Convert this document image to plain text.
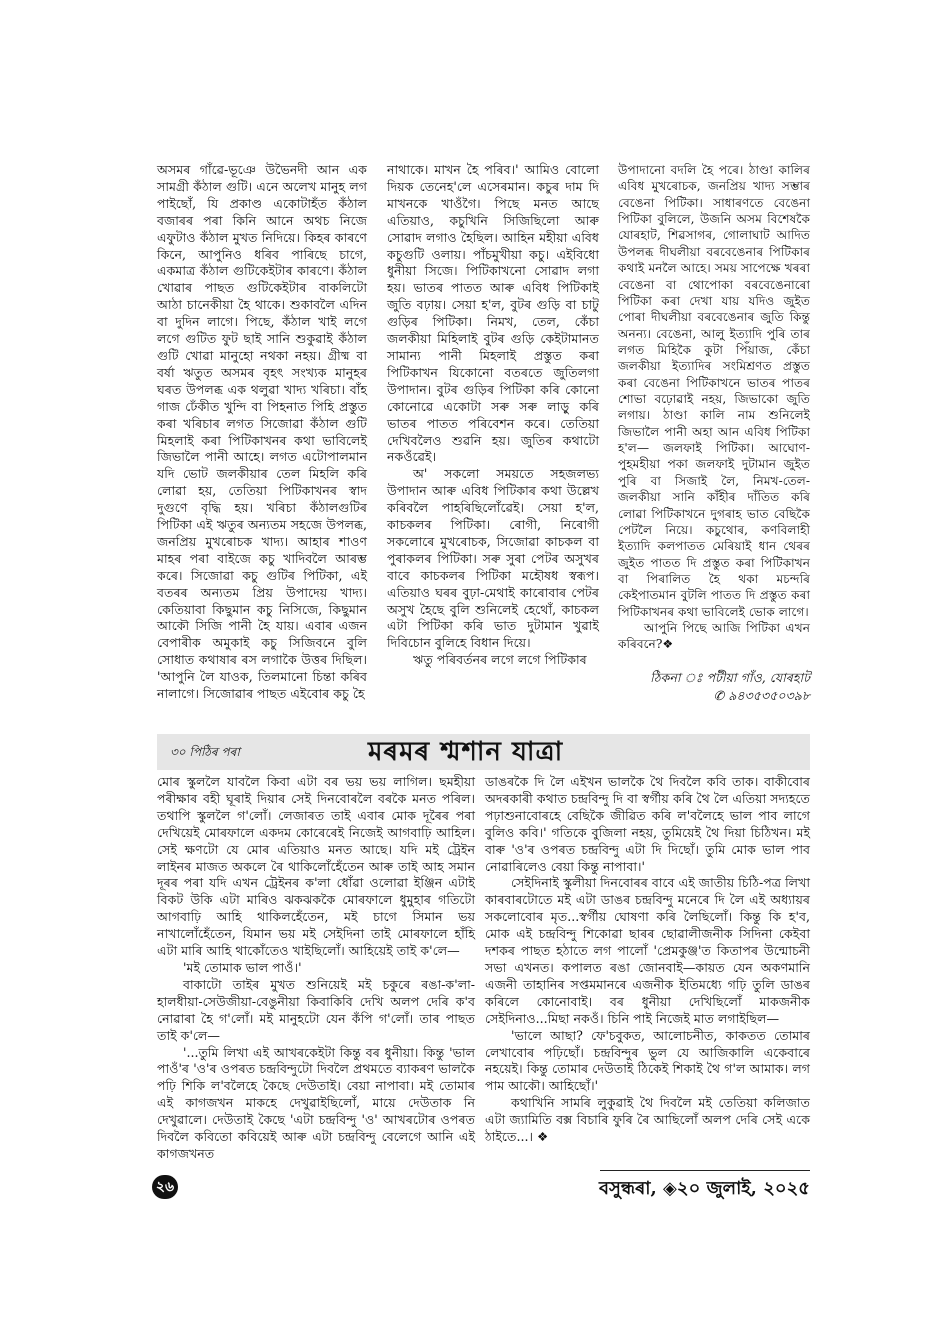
অসমৰ গাঁৱে-ভূঞে উভৈনদী আন এক সামগ্ৰী কঁঠাল গুটি। এনে অলেখ মানুহ লগ পাইছোঁ, যি প্ৰকাণ্ড একোটাহঁত কঁঠাল বজাৰৰ পৰা কিনি আনে অথচ নিজে এফুটাও কঁঠাল মুখত নিদিয়ে। কিহৰ কাৰণে কিনে, আপুনিও ধৰিব পাৰিছে চাগে, একমাত্ৰ কঁঠাল গুটিকেইটাৰ কাৰণে। কঁঠাল খোৱাৰ পাছত গুটিকেইটাৰ বাকলিটো আঠা চানেকীয়া হৈ থাকে। শুকাবলৈ এদিন বা দুদিন লাগে। পিছে, কঁঠাল খাই লগে লগে গুটিত ফুট ছাই সানি শুকুৱাই কঁঠাল গুটি খোৱা মানুহো নথকা নহয়। গ্ৰীষ্ম বা বৰ্ষা ঋতুত অসমৰ বৃহৎ সংখ্যক মানুহৰ ঘৰত উপলব্ধ এক থলুৱা খাদ্য খৰিচা। বাঁহ গাজ ঢেঁকীত খুন্দি বা পিহনাত পিহি প্ৰস্তুত কৰা খৰিচাৰ লগত সিজোৱা কঁঠাল গুটি মিহলাই কৰা পিটিকাখনৰ কথা ভাবিলেই জিভালৈ পানী আহে। লগত এটোপালমান যদি ভোট জলকীয়াৰ তেল মিহলি কৰি লোৱা হয়, তেতিয়া পিটিকাখনৰ স্বাদ দুগুণে বৃদ্ধি হয়। খৰিচা কঁঠালগুটিৰ পিটিকা এই ঋতুৰ অন্যতম সহজে উপলব্ধ, জনপ্ৰিয় মুখৰোচক খাদ্য। আহাৰ শাওণ মাহৰ পৰা বাইজে কচু খাদিবলৈ আৰম্ভ কৰে। সিজোৱা কচু গুটিৰ পিটিকা, এই বতৰৰ অন্যতম প্ৰিয় উপাদেয় খাদ্য। কেতিয়াবা কিছুমান কচু নিসিজে, কিছুমান আকৌ সিজি পানী হৈ যায়। এবাৰ এজন বেপাৰীক অমুকাই কচু সিজিবনে বুলি সোধাত কথাষাৰ ৰস লগাকৈ উত্তৰ দিছিল। 'আপুনি লৈ যাওক, তিলমানো চিন্তা কৰিব নালাগে। সিজোৱাৰ পাছত এইবোৰ কচু হৈ

নাথাকে। মাখন হৈ পৰিব।' আমিও বোলো দিয়ক তেনেহ'লে এসেৰমান। কচুৰ দাম দি মাখনকে খাওঁগৈ। পিছে মনত আছে এতিয়াও, কচুখিনি সিজিছিলো আৰু সোৱাদ লগাও হৈছিল। আহিন মহীয়া এবিধ কচুগুটি ওলায়। পাঁচমুখীয়া কচু। এইবিধো ধুনীয়া সিজে। পিটিকাখনো সোৱাদ লগা হয়। ভাতৰ পাতত আৰু এবিধ পিটিকাই জুতি বঢ়ায়। সেয়া হ'ল, বুটৰ গুড়ি বা চাটু গুড়িৰ পিটিকা। নিমখ, তেল, কেঁচা জলকীয়া মিহিলাই বুটৰ গুড়ি কেইটামানত সামান্য পানী মিহলাই প্ৰস্তুত কৰা পিটিকাখন যিকোনো বতৰতে জুতিলগা উপাদান। বুটৰ গুড়িৰ পিটিকা কৰি কোনো কোনোৱে একোটা সৰু সৰু লাড়ু কৰি ভাতৰ পাতত পৰিবেশন কৰে। তেতিয়া দেখিবলৈও শুৱনি হয়। জুতিৰ কথাটো নকওঁৱেই।

অ' সকলো সময়তে সহজলভ্য উপাদান আৰু এবিধ পিটিকাৰ কথা উল্লেখ কৰিবলৈ পাহৰিছিলোঁৱেই। সেয়া হ'ল, কাচকলৰ পিটিকা। ৰোগী, নিৰোগী সকলোৰে মুখৰোচক, সিজোৱা কাচকল বা পুৰাকলৰ পিটিকা। সৰু সুৰা পেটৰ অসুখৰ বাবে কাচকলৰ পিটিকা মহৌষধ স্বৰূপ। এতিয়াও ঘৰৰ বুঢ়া-মেথাই কাৰোবাৰ পেটৰ অসুখ হৈছে বুলি শুনিলেই হেথোঁ, কাচকল এটা পিটিকা কৰি ভাত দুটামান খুৱাই দিবিচোন বুলিহে বিধান দিয়ে।

ঋতু পৰিবৰ্তনৰ লগে লগে পিটিকাৰ

উপাদানো বদলি হৈ পৰে। ঠাণ্ডা কালিৰ এবিধ মুখৰোচক, জনপ্ৰিয় খাদ্য সম্ভাৰ বেঙেনা পিটিকা। সাধাৰণতে বেঙেনা পিটিকা বুলিলে, উজনি অসম বিশেষকৈ যোৰহাট, শিৱসাগৰ, গোলাঘাট আদিত উপলব্ধ দীঘলীয়া বৰবেঙেনাৰ পিটিকাৰ কথাই মনলৈ আহে। সময় সাপেক্ষে খৰৰা বেঙেনা বা থোপোকা বৰবেঙেনাৰো পিটিকা কৰা দেখা যায় যদিও জুইত পোৰা দীঘলীয়া বৰবেঙেনাৰ জুতি কিন্তু অনন্য। বেঙেনা, আলু ইত্যাদি পুৰি তাৰ লগত মিহিকৈ কুটা পিঁয়াজ, কেঁচা জলকীয়া ইত্যাদিৰ সংমিশ্ৰণত প্ৰস্তুত কৰা বেঙেনা পিটিকাখনে ভাতৰ পাতৰ শোভা বঢ়োৱাই নহয়, জিভাকো জুতি লগায়। ঠাণ্ডা কালি নাম শুনিলেই জিভালৈ পানী অহা আন এবিধ পিটিকা হ'ল— জলফাই পিটিকা। আঘোণ-পুহমহীয়া পকা জলফাই দুটামান জুইত পুৰি বা সিজাই লৈ, নিমখ-তেল-জলকীয়া সানি কাঁহীৰ দাঁতিত কৰি লোৱা পিটিকাখনে দুগৰাহ ভাত বেছিকৈ পেটলৈ নিয়ে। কচুথোৰ, কণবিলাহী ইত্যাদি কলপাতত মেৰিয়াই ধান থেৰৰ জুইত পাতত দি প্ৰস্তুত কৰা পিটিকাখন বা পিৰালিত হৈ থকা মচন্দৰি কেইপাতমান বুটলি পাতত দি প্ৰস্তুত কৰা পিটিকাখনৰ কথা ভাবিলেই ভোক লাগে।

আপুনি পিছে আজি পিটিকা এখন কৰিবনে?❖

ঠিকনা ঃ পটীয়া গাঁও, যোৰহাট
✆ ৯৪৩৫৩৫০৩৯৮
৩০ পিঠিৰ পৰা	মৰমৰ শ্মশান যাত্ৰা

মোৰ স্কুললৈ যাবলৈ কিবা এটা বৰ ভয় ভয় লাগিল। ছমহীয়া পৰীক্ষাৰ বহী ঘূৰাই দিয়াৰ সেই দিনবোৰলৈ বৰকৈ মনত পৰিল। তথাপি স্কুললৈ গ'লোঁ। লেজাৰত তাই এবাৰ মোক দূৰৈৰ পৰা দেখিয়েই মোৰফালে একদম কোৰেৰেই নিজেই আগবাঢ়ি আহিল। সেই ক্ষণটো যে মোৰ এতিয়াও মনত আছে। যদি মই ট্ৰেইন লাইনৰ মাজত অকলে ৰৈ থাকিলোঁহেঁতেন আৰু তাই আহ সমান দূৰৰ পৰা যদি এখন ট্ৰেইনৰ ক'লা ধোঁৱা ওলোৱা ইঞ্জিন এটাই বিকট উকি এটা মাৰিও ঝকঝককৈ মোৰফালে ধুমুহাৰ গতিটো আগবাঢ়ি আহি থাকিলহেঁতেন, মই চাগে সিমান ভয় নাখালোঁহেঁতেন, যিমান ভয় মই সেইদিনা তাই মোৰফালে হাঁহি এটা মাৰি আহি থাকোঁতেও খাইছিলোঁ। আহিয়েই তাই ক'লে—

'মই তোমাক ভাল পাওঁ।'

বাকাটো তাইৰ মুখত শুনিয়েই মই চকুৰে ৰঙা-ক'লা-হালধীয়া-সেউজীয়া-বেঙুনীয়া কিবাকিবি দেখি অলপ দেৰি ক'ব নোৱাৰা হৈ গ'লোঁ। মই মানুহটো যেন কঁপি গ'লোঁ। তাৰ পাছত তাই ক'লে—

'...তুমি লিখা এই আখৰকেইটা কিন্তু বৰ ধুনীয়া। কিন্তু 'ভাল পাওঁ'ৰ 'ও'ৰ ওপৰত চন্দ্ৰবিন্দুটো দিবলৈ প্ৰথমতে ব্যাকৰণ ভালকৈ পঢ়ি শিকি ল'বলৈহে কৈছে দেউতাই। বেয়া নাপাবা। মই তোমাৰ এই কাগজখন মাকহে দেখুৱাইছিলোঁ, মায়ে দেউতাক নি দেখুৱালে। দেউতাই কৈছে 'এটা চন্দ্ৰবিন্দু 'ও' আখৰটোৰ ওপৰত দিবলৈ কবিতো কবিয়েই আৰু এটা চন্দ্ৰবিন্দু বেলেগে আনি এই কাগজখনত

ডাঙৰকৈ দি লৈ এইখন ভালকৈ থৈ দিবলৈ কবি তাক। বাকীবোৰ অদৰকাৰী কথাত চন্দ্ৰবিন্দু দি বা স্বৰ্গীয় কৰি থৈ লৈ এতিয়া সদ্যহতে পঢ়াশুনাবোৰহে বেছিকৈ জীৱিত কৰি ল'বলৈহে ভাল পাব লাগে বুলিও কবি।' গতিকে বুজিলা নহয়, তুমিয়েই থৈ দিয়া চিঠিখন। মই বাৰু 'ও'ৰ ওপৰত চন্দ্ৰবিন্দু এটা দি দিছোঁ। তুমি মোক ভাল পাব নোৱাৰিলেও বেয়া কিন্তু নাপাবা।'

সেইদিনাই স্কুলীয়া দিনবোৰৰ বাবে এই জাতীয় চিঠি-পত্ৰ লিখা কাৰবাৰটোতে মই এটা ডাঙৰ চন্দ্ৰবিন্দু মনেৰে দি লৈ এই অধ্যায়ৰ সকলোবোৰ মৃত...স্বৰ্গীয় ঘোষণা কৰি লৈছিলোঁ। কিন্তু কি হ'ব, মোক এই চন্দ্ৰবিন্দু শিকোৱা ছাৰৰ ছোৱালীজনীক সিদিনা কেইবা দশকৰ পাছত হঠাতে লগ পালোঁ 'প্ৰেমকুঞ্জ'ত কিতাপৰ উন্মোচনী সভা এখনত। কপালত ৰঙা জোনবাই—কায়ত যেন অকণমানি এজনী তাহানিৰ সপ্তমমানৰে এজনীক ইতিমধ্যে গঢ়ি তুলি ডাঙৰ কৰিলে কোনোবাই। বৰ ধুনীয়া দেখিছিলোঁ মাকজনীক সেইদিনাও...মিছা নকওঁ। চিনি পাই নিজেই মাত লগাইছিল—

'ভালে আছা? ফে'চবুকত, আলোচনীত, কাকতত তোমাৰ লেখাবোৰ পঢ়িছোঁ। চন্দ্ৰবিন্দুৰ ভুল যে আজিকালি একেবাৰে নহয়েই। কিন্তু তোমাৰ দেউতাই ঠিকেই শিকাই থৈ গ'ল আমাক। লগ পাম আকৌ। আহিছোঁ।'

কথাখিনি সামৰি লুকুৱাই থৈ দিবলৈ মই তেতিয়া কলিজাত এটা জ্যামিতি বক্স বিচাৰি ফুৰি ৰৈ আছিলোঁ অলপ দেৰি সেই একে ঠাইতে...। ❖

২৬	বসুন্ধৰা, ◈২০ জুলাই, ২০২৫
